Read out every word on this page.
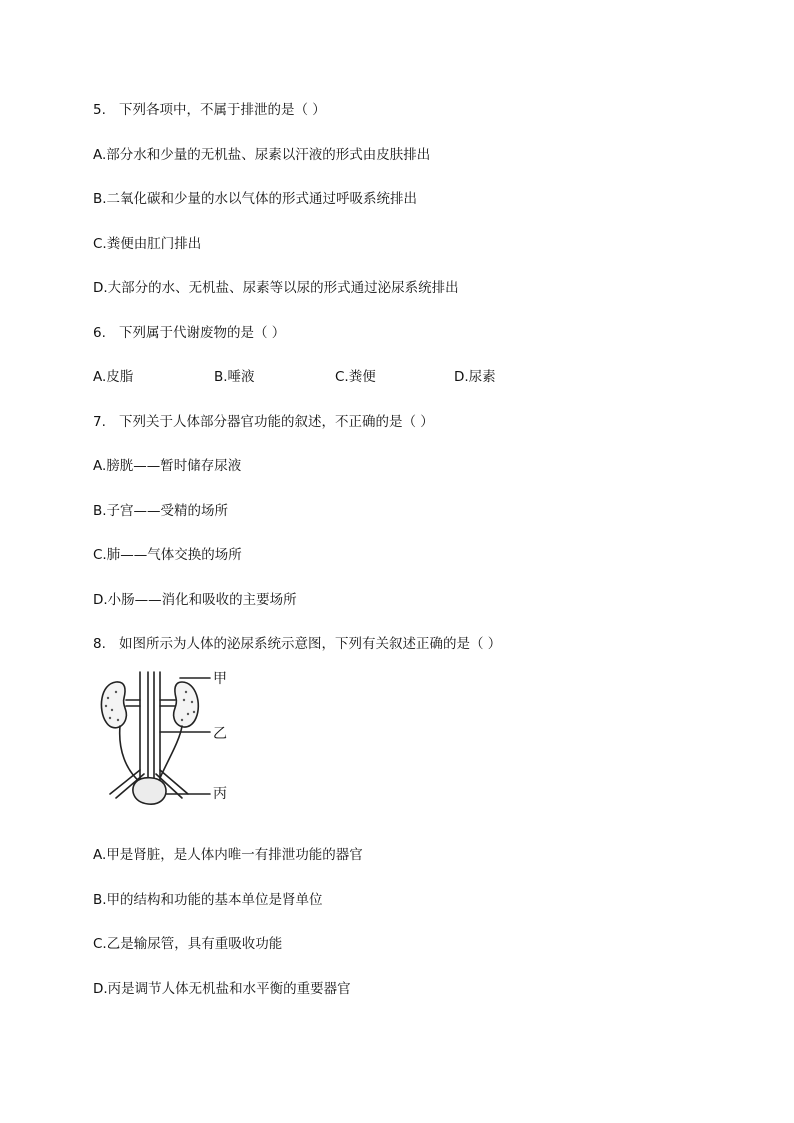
5. 下列各项中，不属于排泄的是（ ）
A.部分水和少量的无机盐、尿素以汗液的形式由皮肤排出
B.二氧化碳和少量的水以气体的形式通过呼吸系统排出
C.粪便由肛门排出
D.大部分的水、无机盐、尿素等以尿的形式通过泌尿系统排出
6. 下列属于代谢废物的是（ ）
A.皮脂	B.唾液	C.粪便	D.尿素
7. 下列关于人体部分器官功能的叙述，不正确的是（ ）
A.膀胱——暂时储存尿液
B.子宫——受精的场所
C.肺——气体交换的场所
D.小肠——消化和吸收的主要场所
8. 如图所示为人体的泌尿系统示意图，下列有关叙述正确的是（ ）
甲
乙
丙
A.甲是肾脏，是人体内唯一有排泄功能的器官
B.甲的结构和功能的基本单位是肾单位
C.乙是输尿管，具有重吸收功能
D.丙是调节人体无机盐和水平衡的重要器官
